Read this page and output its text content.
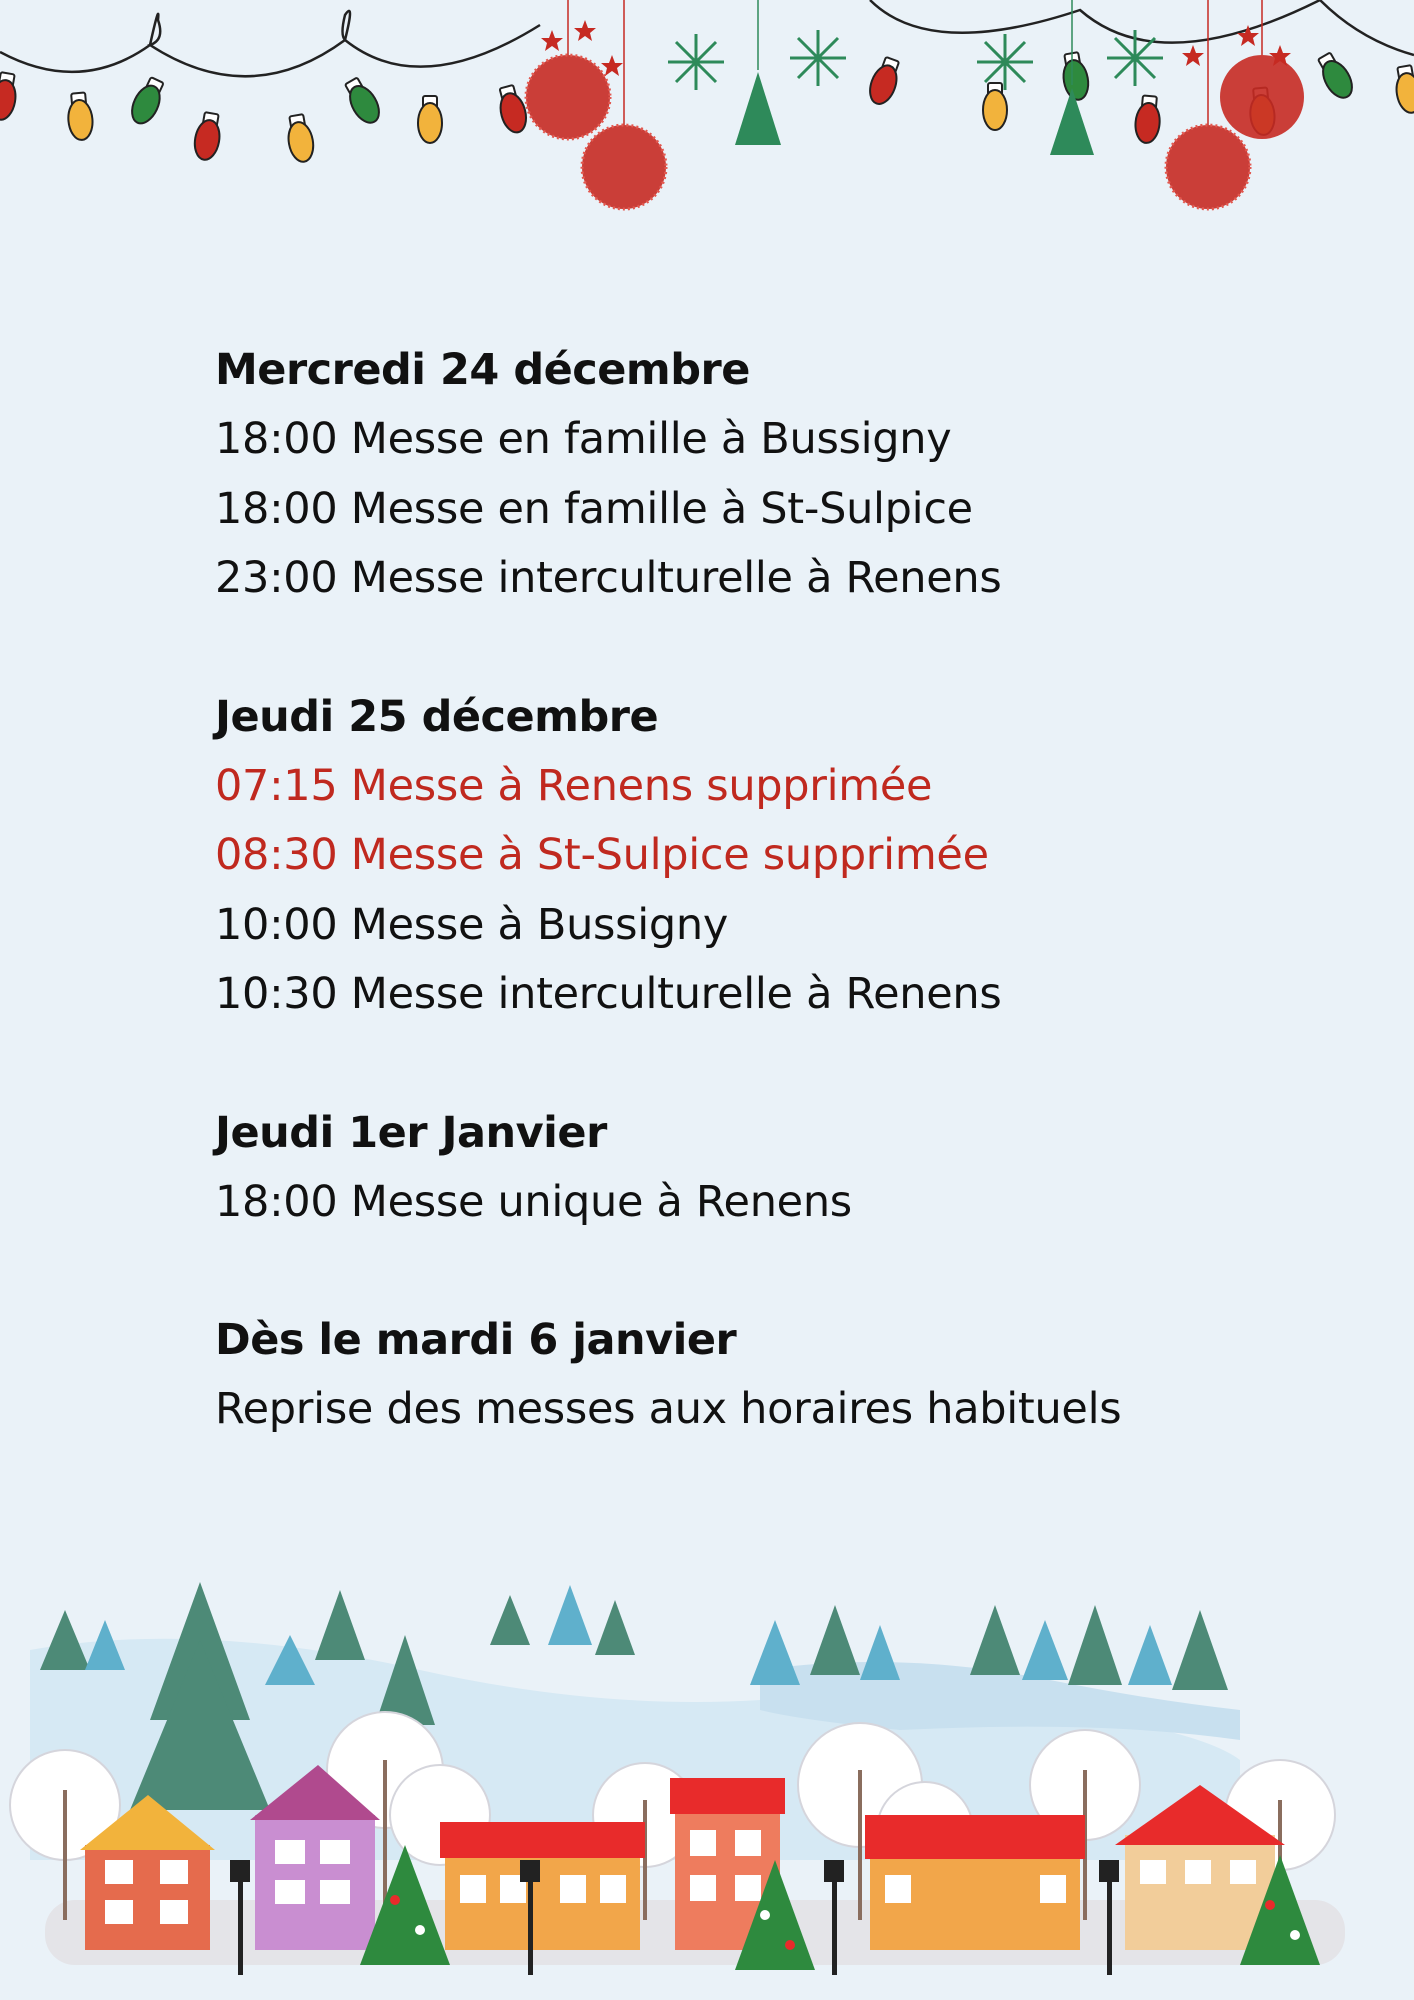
Mercredi 24 décembre
18:00 Messe en famille à Bussigny
18:00 Messe en famille à St-Sulpice
23:00 Messe interculturelle à Renens
Jeudi 25 décembre
07:15 Messe à Renens supprimée
08:30 Messe à St-Sulpice supprimée
10:00 Messe à Bussigny
10:30 Messe interculturelle à Renens
Jeudi 1er Janvier
18:00 Messe unique à Renens
Dès le mardi 6 janvier
Reprise des messes aux horaires habituels
